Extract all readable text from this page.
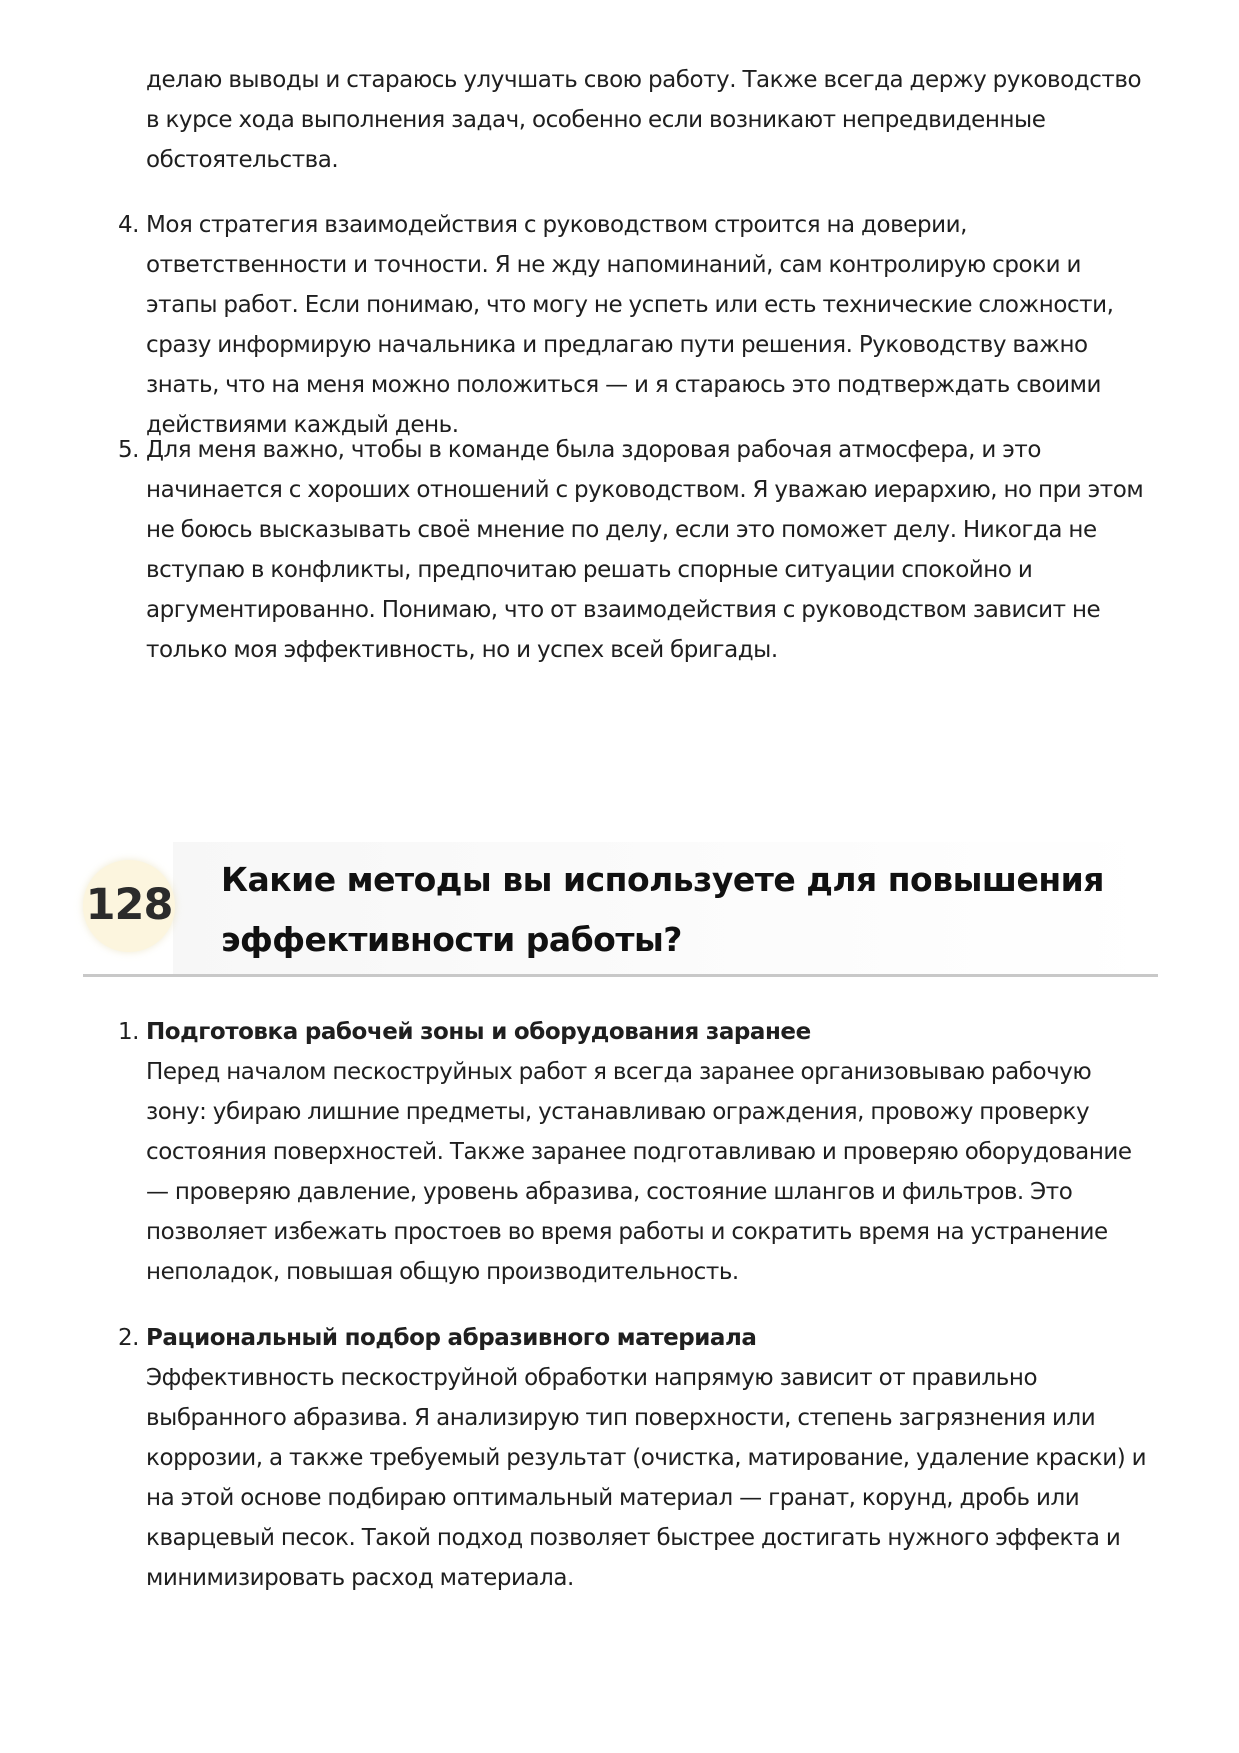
делаю выводы и стараюсь улучшать свою работу. Также всегда держу руководство в курсе хода выполнения задач, особенно если возникают непредвиденные обстоятельства.

4. Моя стратегия взаимодействия с руководством строится на доверии, ответственности и точности. Я не жду напоминаний, сам контролирую сроки и этапы работ. Если понимаю, что могу не успеть или есть технические сложности, сразу информирую начальника и предлагаю пути решения. Руководству важно знать, что на меня можно положиться — и я стараюсь это подтверждать своими действиями каждый день.

5. Для меня важно, чтобы в команде была здоровая рабочая атмосфера, и это начинается с хороших отношений с руководством. Я уважаю иерархию, но при этом не боюсь высказывать своё мнение по делу, если это поможет делу. Никогда не вступаю в конфликты, предпочитаю решать спорные ситуации спокойно и аргументированно. Понимаю, что от взаимодействия с руководством зависит не только моя эффективность, но и успех всей бригады.

128
Какие методы вы используете для повышения эффективности работы?
1. Подготовка рабочей зоны и оборудования заранее

Перед началом пескоструйных работ я всегда заранее организовываю рабочую зону: убираю лишние предметы, устанавливаю ограждения, провожу проверку состояния поверхностей. Также заранее подготавливаю и проверяю оборудование — проверяю давление, уровень абразива, состояние шлангов и фильтров. Это позволяет избежать простоев во время работы и сократить время на устранение неполадок, повышая общую производительность.

2. Рациональный подбор абразивного материала

Эффективность пескоструйной обработки напрямую зависит от правильно выбранного абразива. Я анализирую тип поверхности, степень загрязнения или коррозии, а также требуемый результат (очистка, матирование, удаление краски) и на этой основе подбираю оптимальный материал — гранат, корунд, дробь или кварцевый песок. Такой подход позволяет быстрее достигать нужного эффекта и минимизировать расход материала.
